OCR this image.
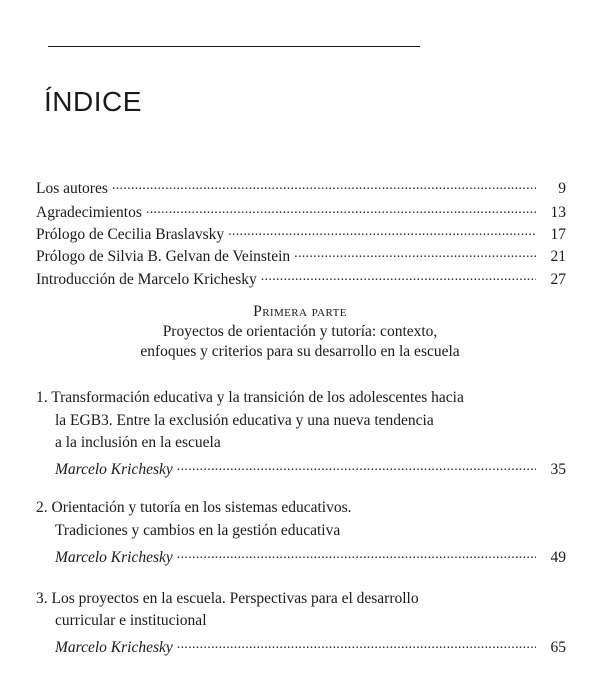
ÍNDICE
Los autores . . .	9
Agradecimientos . . .	13
Prólogo de Cecilia Braslavsky . . .	17
Prólogo de Silvia B. Gelvan de Veinstein . . .	21
Introducción de Marcelo Krichesky . . .	27
Primera parte
Proyectos de orientación y tutoría: contexto,
enfoques y criterios para su desarrollo en la escuela
1. Transformación educativa y la transición de los adolescentes hacia
la EGB3. Entre la exclusión educativa y una nueva tendencia
a la inclusión en la escuela
Marcelo Krichesky . . .	35
2. Orientación y tutoría en los sistemas educativos.
Tradiciones y cambios en la gestión educativa
Marcelo Krichesky . . .	49
3. Los proyectos en la escuela. Perspectivas para el desarrollo
curricular e institucional
Marcelo Krichesky . . .	65
